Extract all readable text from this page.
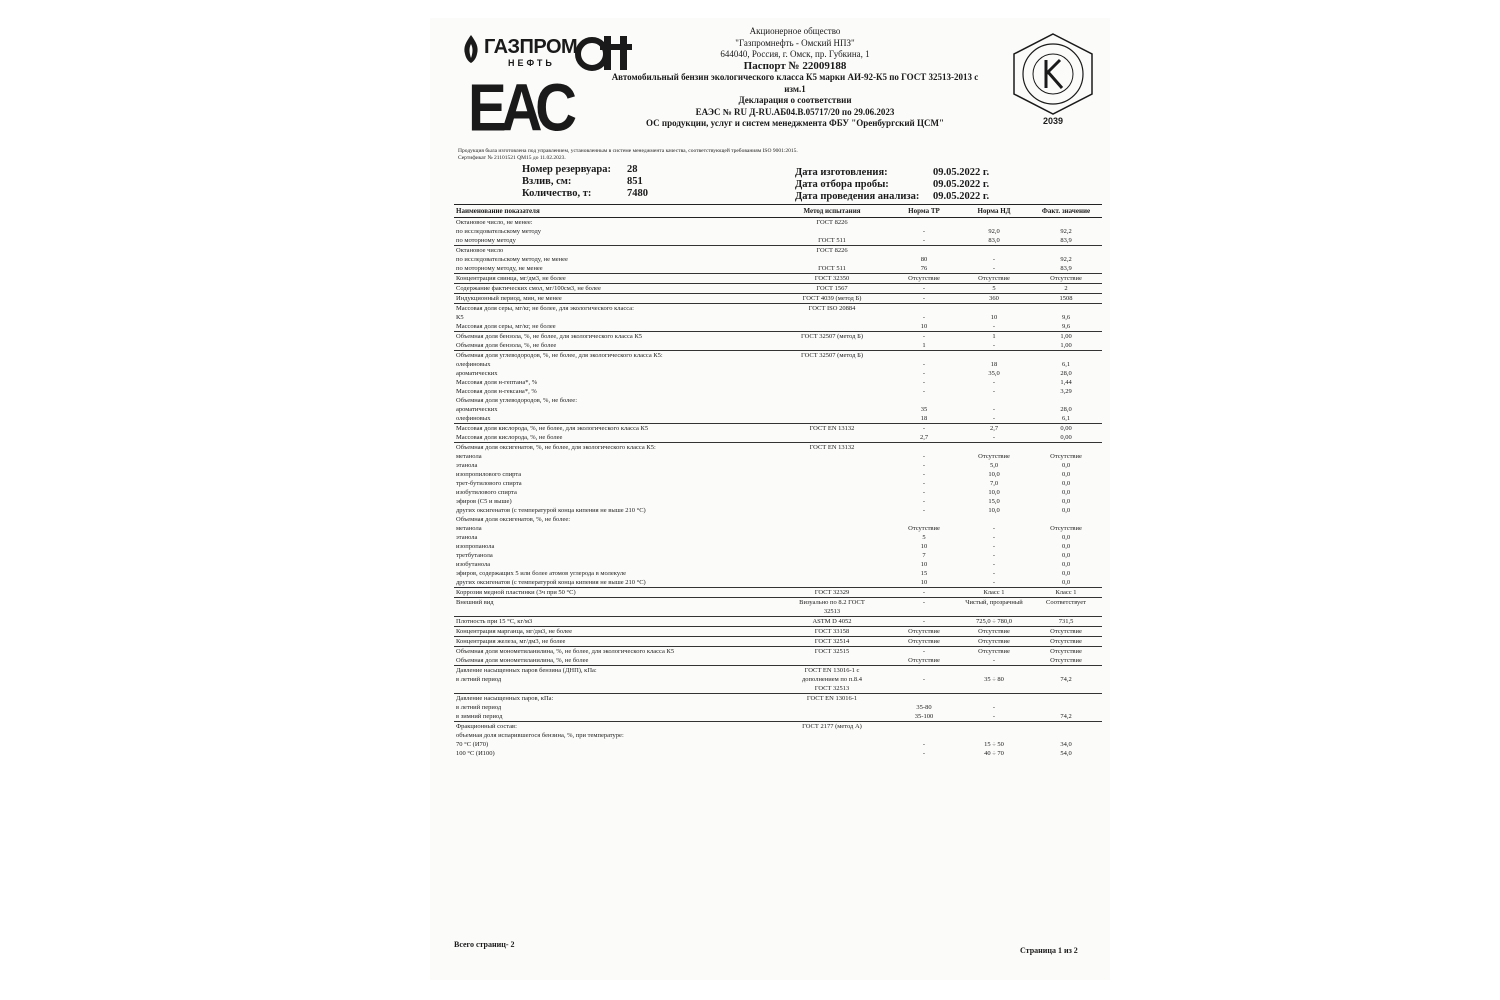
ГАЗПРОМ
НЕФТЬ
ЕАС
Акционерное общество
"Газпромнефть - Омский НПЗ"
644040, Россия, г. Омск, пр. Губкина, 1
Паспорт № 22009188
Автомобильный бензин экологического класса К5 марки АИ-92-К5 по ГОСТ 32513-2013 с
изм.1
Декларация о соответствии
ЕАЭС № RU Д-RU.АБ04.В.05717/20 по 29.06.2023
ОС продукции, услуг и систем менеджмента ФБУ "Оренбургский ЦСМ"	2039
Продукция была изготовлена под управлением, установленным в системе менеджмента качества, соответствующей требованиям ISO 9001:2015.
Сертификат № 21101521 QM15 до 11.02.2023.
Номер резервуара: 28
Взлив, см:	851
Количество, т:	7480
Дата изготовления:	09.05.2022 г.
Дата отбора пробы:	09.05.2022 г.
Дата проведения анализа: 09.05.2022 г.
Наименование показателя	Метод испытания	Норма ТР	Норма НД	Факт. значение
Октановое число, не менее:	ГОСТ 8226			
по исследовательскому методу		-	92,0	92,2
по моторному методу	ГОСТ 511	-	83,0	83,9
Октановое число	ГОСТ 8226			
по исследовательскому методу, не менее		80	-	92,2
по моторному методу, не менее	ГОСТ 511	76	-	83,9
Концентрация свинца, мг/дм3, не более	ГОСТ 32350	Отсутствие	Отсутствие	Отсутствие
Содержание фактических смол, мг/100см3, не более	ГОСТ 1567	-	5	2
Индукционный период, мин, не менее	ГОСТ 4039 (метод Б)	-	360	1508
Массовая доля серы, мг/кг, не более, для экологического класса:	ГОСТ ISO 20884			
К5		-	10	9,6
Массовая доля серы, мг/кг, не более		10	-	9,6
Объемная доля бензола, %, не более, для экологического класса К5	ГОСТ 32507 (метод Б)	-	1	1,00
Объемная доля бензола, %, не более		1	-	1,00
Объемная доля углеводородов, %, не более, для экологического класса К5:	ГОСТ 32507 (метод Б)			
олефиновых		-	18	6,1
ароматических		-	35,0	28,0
Массовая доля н-гептана*, %		-	-	1,44
Массовая доля н-гексана*, %		-	-	3,29
Объемная доля углеводородов, %, не более:				
ароматических		35	-	28,0
олефиновых		18	-	6,1
Массовая доля кислорода, %, не более, для экологического класса К5	ГОСТ EN 13132	-	2,7	0,00
Массовая доля кислорода, %, не более		2,7	-	0,00
Объемная доля оксигенатов, %, не более, для экологического класса К5:	ГОСТ EN 13132			
метанола		-	Отсутствие	Отсутствие
этанола		-	5,0	0,0
изопропилового спирта		-	10,0	0,0
трет-бутилового спирта		-	7,0	0,0
изобутилового спирта		-	10,0	0,0
эфиров (C5 и выше)		-	15,0	0,0
других оксигенатов (с температурой конца кипения не выше 210 °C)		-	10,0	0,0
Объемная доля оксигенатов, %, не более:				
метанола		Отсутствие	-	Отсутствие
этанола		5	-	0,0
изопропанола		10	-	0,0
третбутанола		7	-	0,0
изобутанола		10	-	0,0
эфиров, содержащих 5 или более атомов углерода в молекуле		15	-	0,0
других оксигенатов (с температурой конца кипения не выше 210 °C)		10	-	0,0
Коррозия медной пластинки (3ч при 50 °C)	ГОСТ 32329	-	Класс 1	Класс 1
Внешний вид	Визуально по 8.2 ГОСТ	-	Чистый, прозрачный	Соответствует
	32513			
Плотность при 15 °C, кг/м3	ASTM D 4052	-	725,0 ÷ 780,0	731,5
Концентрация марганца, мг/дм3, не более	ГОСТ 33158	Отсутствие	Отсутствие	Отсутствие
Концентрация железа, мг/дм3, не более	ГОСТ 32514	Отсутствие	Отсутствие	Отсутствие
Объемная доля монометиланилина, %, не более, для экологического класса К5	ГОСТ 32515	-	Отсутствие	Отсутствие
Объемная доля монометиланилина, %, не более		Отсутствие	-	Отсутствие
Давление насыщенных паров бензина (ДНП), кПа:	ГОСТ EN 13016-1 с			
в летний период	дополнением по п.8.4	-	35 ÷ 80	74,2
	ГОСТ 32513			
Давление насыщенных паров, кПа:	ГОСТ EN 13016-1			
в летний период		35-80	-	
в зимний период		35-100	-	74,2
Фракционный состав:	ГОСТ 2177 (метод А)			
объемная доля испарившегося бензина, %, при температуре:				
70 °C (И70)		-	15 ÷ 50	34,0
100 °C (И100)		-	40 ÷ 70	54,0
Всего страниц- 2
Страница 1 из 2
